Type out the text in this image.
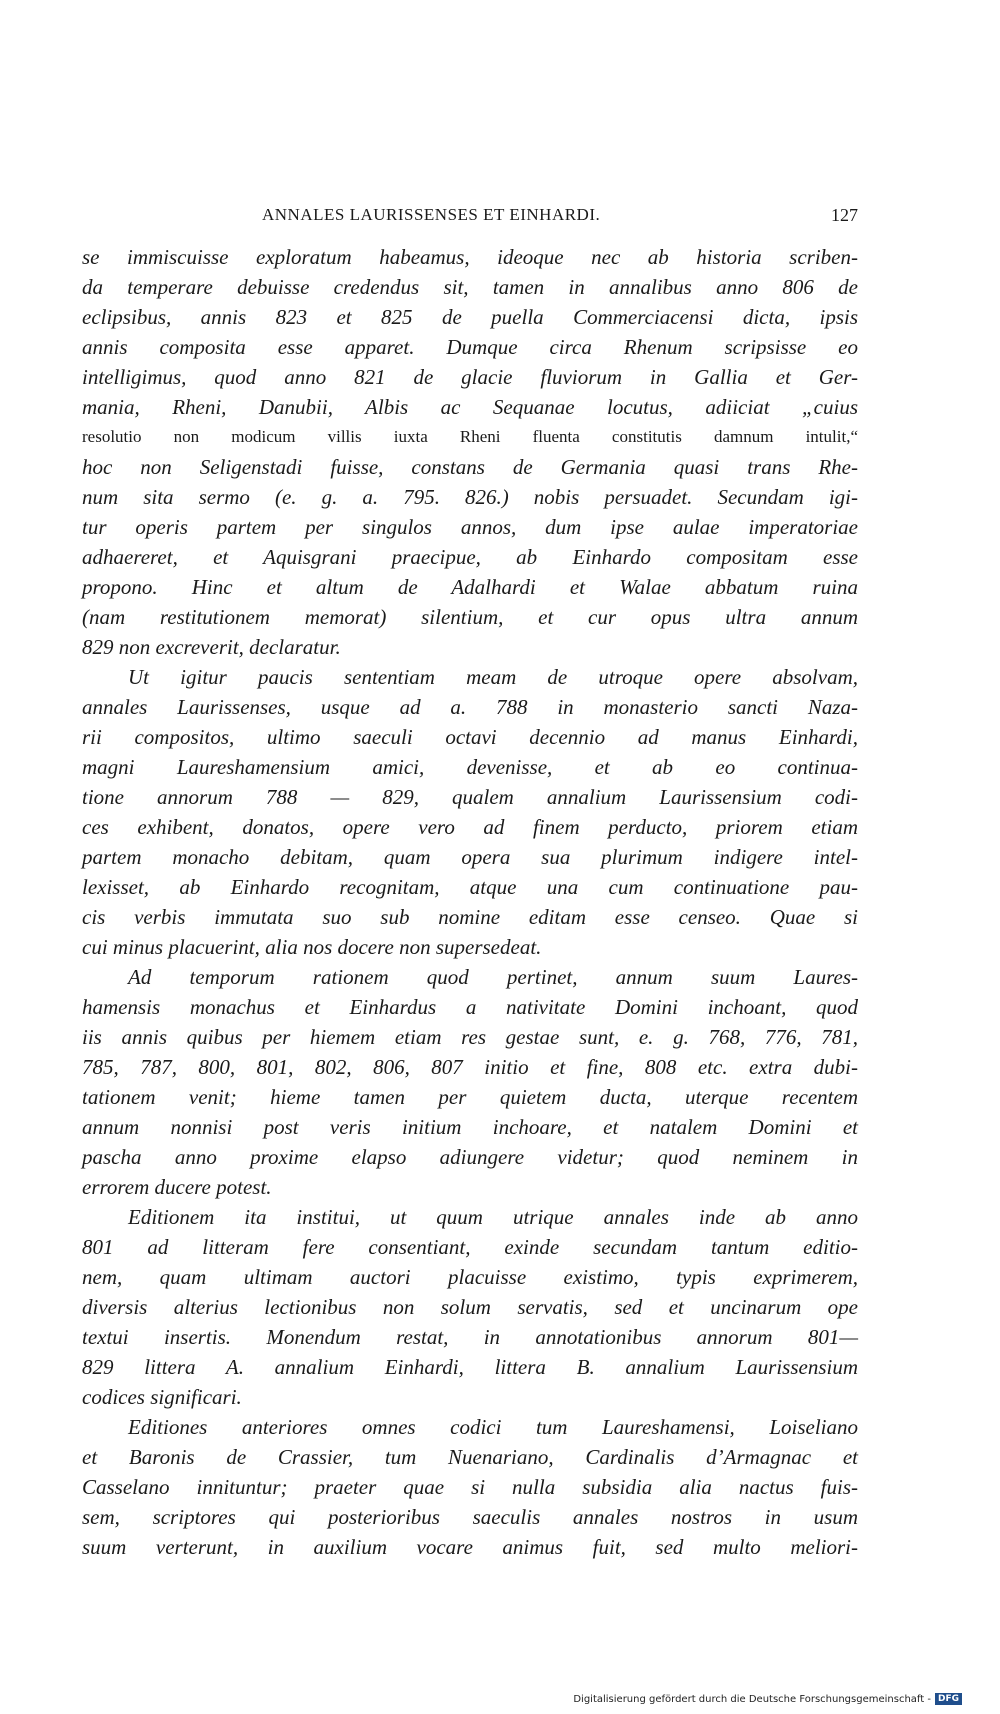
ANNALES LAURISSENSES ET EINHARDI.	127
se immiscuisse exploratum habeamus, ideoque nec ab historia scriben-
da temperare debuisse credendus sit, tamen in annalibus anno 806 de
eclipsibus, annis 823 et 825 de puella Commerciacensi dicta, ipsis
annis composita esse apparet. Dumque circa Rhenum scripsisse eo
intelligimus, quod anno 821 de glacie fluviorum in Gallia et Ger-
mania, Rheni, Danubii, Albis ac Sequanae locutus, adiiciat „cuius
resolutio non modicum villis iuxta Rheni fluenta constitutis damnum intulit,“
hoc non Seligenstadi fuisse, constans de Germania quasi trans Rhe-
num sita sermo (e. g. a. 795. 826.) nobis persuadet. Secundam igi-
tur operis partem per singulos annos, dum ipse aulae imperatoriae
adhaereret, et Aquisgrani praecipue, ab Einhardo compositam esse
propono. Hinc et altum de Adalhardi et Walae abbatum ruina
(nam restitutionem memorat) silentium, et cur opus ultra annum
829 non excreverit, declaratur.
Ut igitur paucis sententiam meam de utroque opere absolvam,
annales Laurissenses, usque ad a. 788 in monasterio sancti Naza-
rii compositos, ultimo saeculi octavi decennio ad manus Einhardi,
magni Laureshamensium amici, devenisse, et ab eo continua-
tione annorum 788 — 829, qualem annalium Laurissensium codi-
ces exhibent, donatos, opere vero ad finem perducto, priorem etiam
partem monacho debitam, quam opera sua plurimum indigere intel-
lexisset, ab Einhardo recognitam, atque una cum continuatione pau-
cis verbis immutata suo sub nomine editam esse censeo. Quae si
cui minus placuerint, alia nos docere non supersedeat.
Ad temporum rationem quod pertinet, annum suum Laures-
hamensis monachus et Einhardus a nativitate Domini inchoant, quod
iis annis quibus per hiemem etiam res gestae sunt, e. g. 768, 776, 781,
785, 787, 800, 801, 802, 806, 807 initio et fine, 808 etc. extra dubi-
tationem venit; hieme tamen per quietem ducta, uterque recentem
annum nonnisi post veris initium inchoare, et natalem Domini et
pascha anno proxime elapso adiungere videtur; quod neminem in
errorem ducere potest.
Editionem ita institui, ut quum utrique annales inde ab anno
801 ad litteram fere consentiant, exinde secundam tantum editio-
nem, quam ultimam auctori placuisse existimo, typis exprimerem,
diversis alterius lectionibus non solum servatis, sed et uncinarum ope
textui insertis. Monendum restat, in annotationibus annorum 801—
829 littera A. annalium Einhardi, littera B. annalium Laurissensium
codices significari.
Editiones anteriores omnes codici tum Laureshamensi, Loiseliano
et Baronis de Crassier, tum Nuenariano, Cardinalis d’Armagnac et
Casselano innituntur; praeter quae si nulla subsidia alia nactus fuis-
sem, scriptores qui posterioribus saeculis annales nostros in usum
suum verterunt, in auxilium vocare animus fuit, sed multo meliori-
Digitalisierung gefördert durch die Deutsche Forschungsgemeinschaft - DFG
